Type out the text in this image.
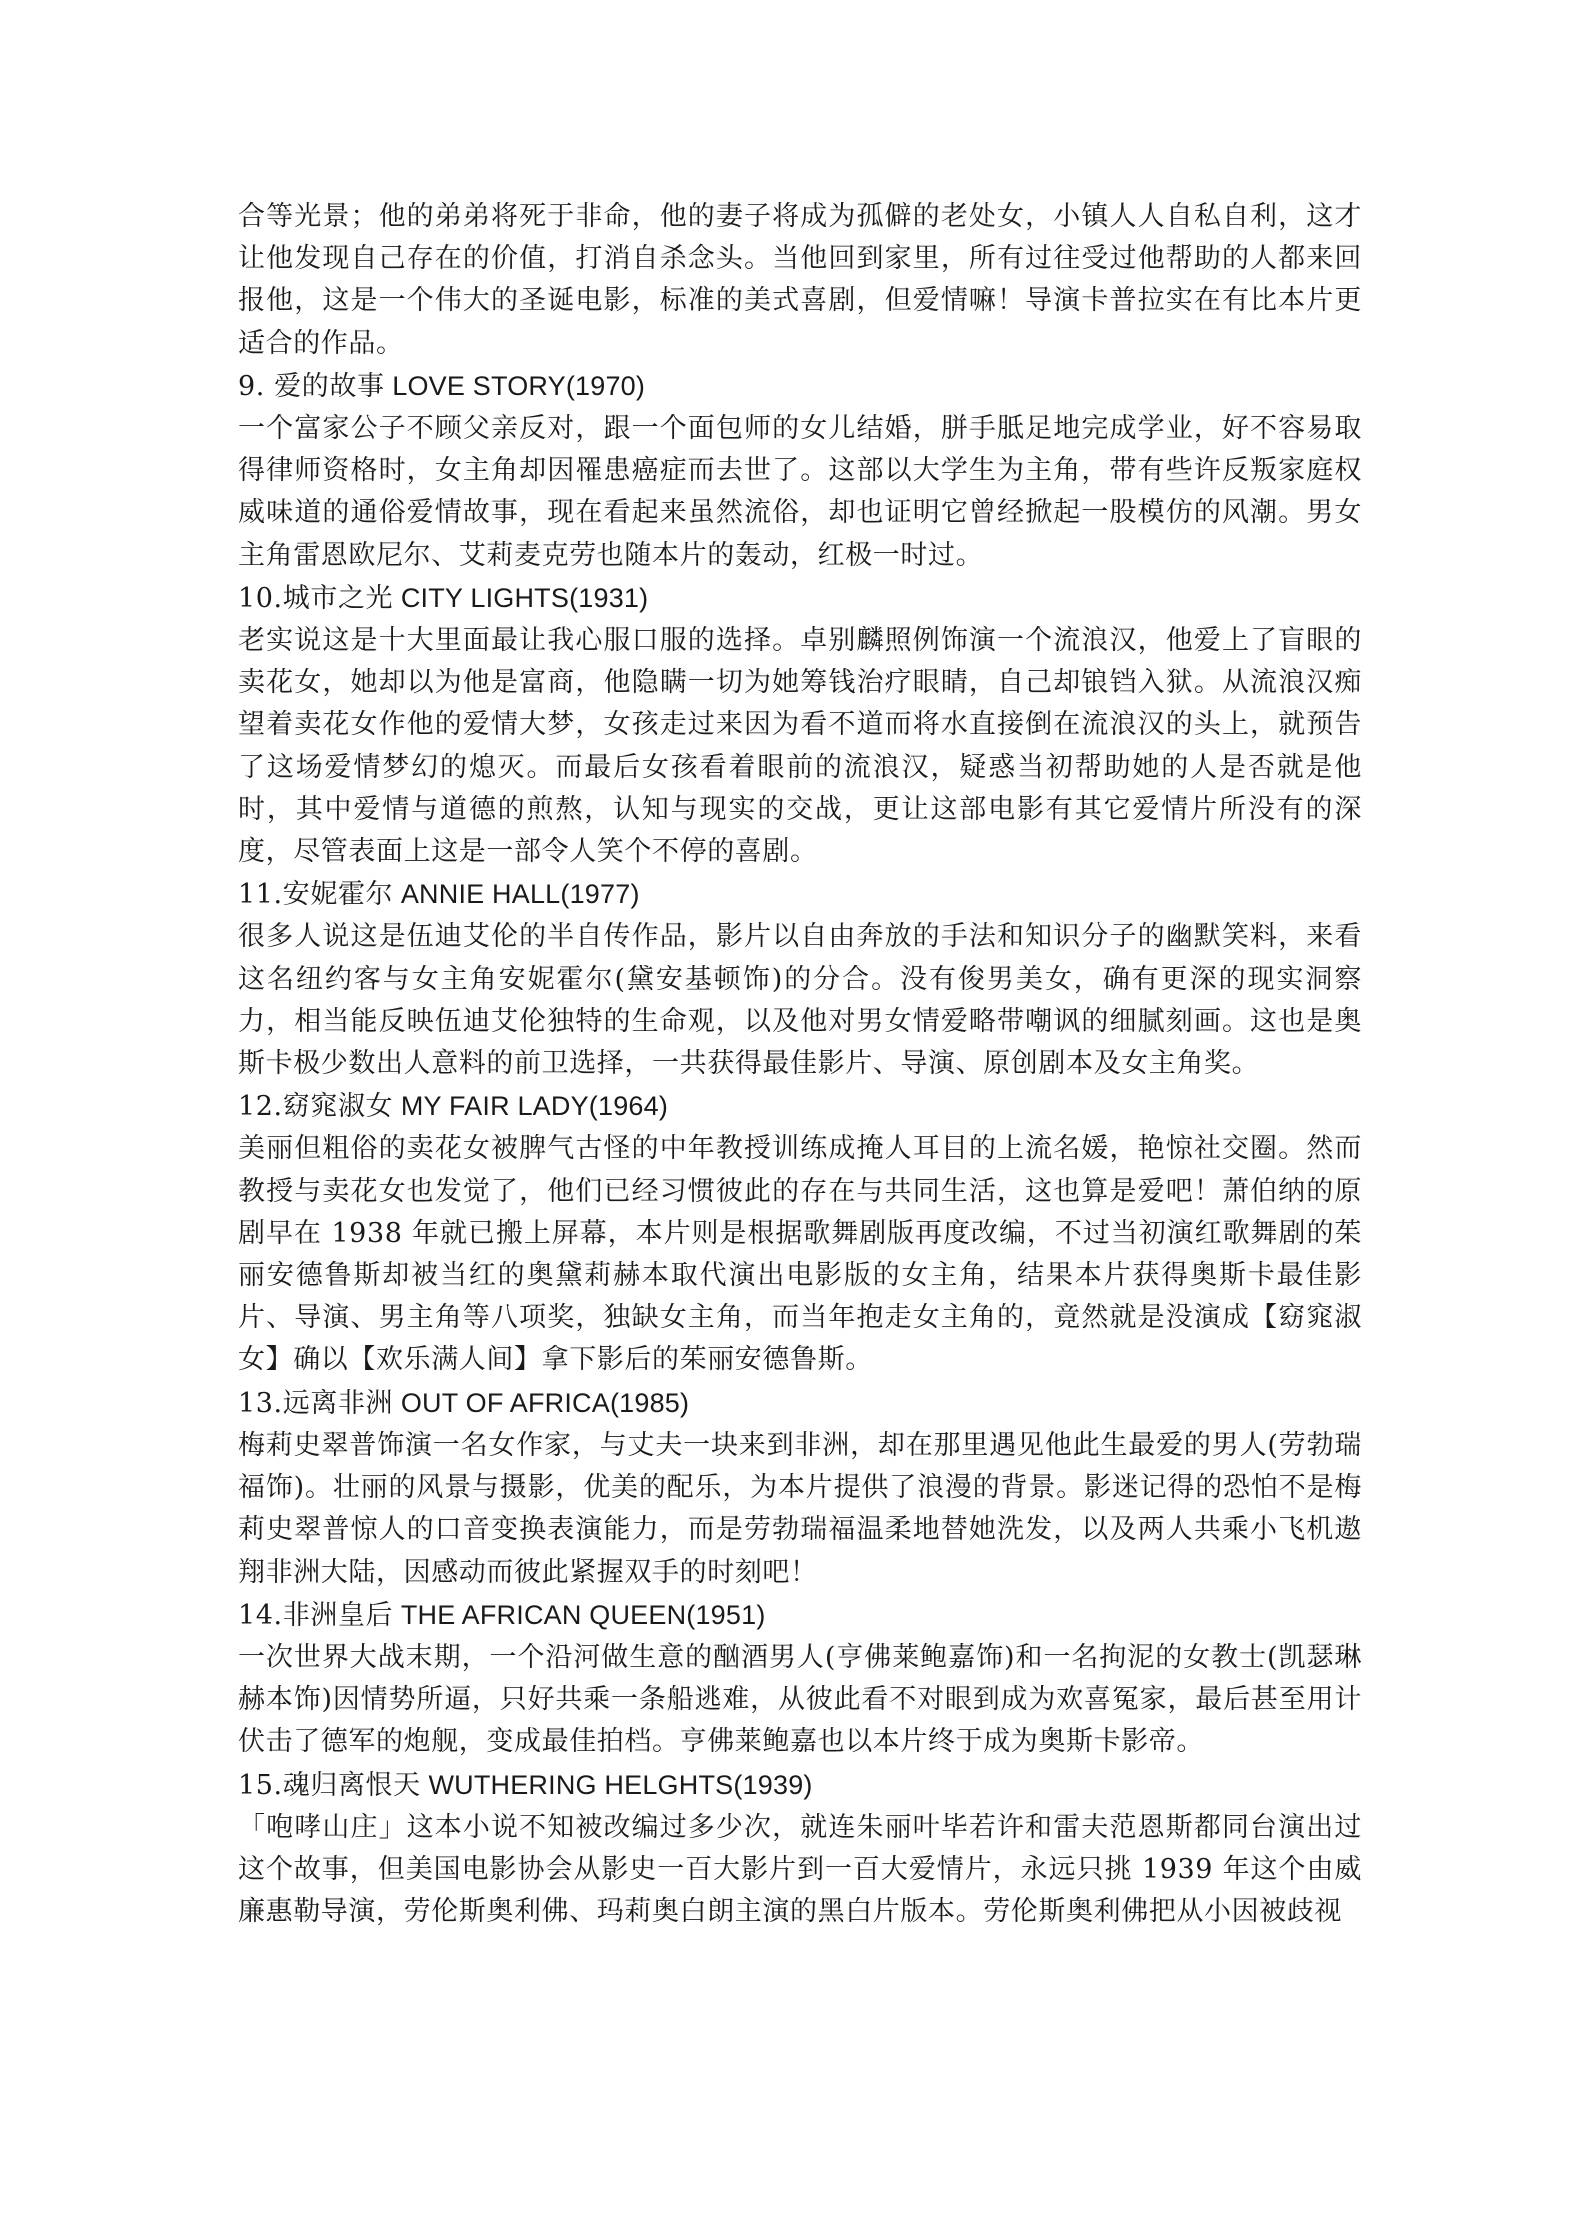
合等光景；他的弟弟将死于非命，他的妻子将成为孤僻的老处女，小镇人人自私自利，这才让他发现自己存在的价值，打消自杀念头。当他回到家里，所有过往受过他帮助的人都来回报他，这是一个伟大的圣诞电影，标准的美式喜剧，但爱情嘛！导演卡普拉实在有比本片更适合的作品。

9. 爱的故事 LOVE STORY(1970)

一个富家公子不顾父亲反对，跟一个面包师的女儿结婚，胼手胝足地完成学业，好不容易取得律师资格时，女主角却因罹患癌症而去世了。这部以大学生为主角，带有些许反叛家庭权威味道的通俗爱情故事，现在看起来虽然流俗，却也证明它曾经掀起一股模仿的风潮。男女主角雷恩欧尼尔、艾莉麦克劳也随本片的轰动，红极一时过。

10.城市之光 CITY LIGHTS(1931)

老实说这是十大里面最让我心服口服的选择。卓别麟照例饰演一个流浪汉，他爱上了盲眼的卖花女，她却以为他是富商，他隐瞒一切为她筹钱治疗眼睛，自己却锒铛入狱。从流浪汉痴望着卖花女作他的爱情大梦，女孩走过来因为看不道而将水直接倒在流浪汉的头上，就预告了这场爱情梦幻的熄灭。而最后女孩看着眼前的流浪汉，疑惑当初帮助她的人是否就是他时，其中爱情与道德的煎熬，认知与现实的交战，更让这部电影有其它爱情片所没有的深度，尽管表面上这是一部令人笑个不停的喜剧。

11.安妮霍尔 ANNIE HALL(1977)

很多人说这是伍迪艾伦的半自传作品，影片以自由奔放的手法和知识分子的幽默笑料，来看这名纽约客与女主角安妮霍尔(黛安基顿饰)的分合。没有俊男美女，确有更深的现实洞察力，相当能反映伍迪艾伦独特的生命观，以及他对男女情爱略带嘲讽的细腻刻画。这也是奥斯卡极少数出人意料的前卫选择，一共获得最佳影片、导演、原创剧本及女主角奖。

12.窈窕淑女 MY FAIR LADY(1964)

美丽但粗俗的卖花女被脾气古怪的中年教授训练成掩人耳目的上流名媛，艳惊社交圈。然而教授与卖花女也发觉了，他们已经习惯彼此的存在与共同生活，这也算是爱吧！萧伯纳的原剧早在 1938 年就已搬上屏幕，本片则是根据歌舞剧版再度改编，不过当初演红歌舞剧的茱丽安德鲁斯却被当红的奥黛莉赫本取代演出电影版的女主角，结果本片获得奥斯卡最佳影片、导演、男主角等八项奖，独缺女主角，而当年抱走女主角的，竟然就是没演成【窈窕淑女】确以【欢乐满人间】拿下影后的茱丽安德鲁斯。

13.远离非洲 OUT OF AFRICA(1985)

梅莉史翠普饰演一名女作家，与丈夫一块来到非洲，却在那里遇见他此生最爱的男人(劳勃瑞福饰)。壮丽的风景与摄影，优美的配乐，为本片提供了浪漫的背景。影迷记得的恐怕不是梅莉史翠普惊人的口音变换表演能力，而是劳勃瑞福温柔地替她洗发，以及两人共乘小飞机遨翔非洲大陆，因感动而彼此紧握双手的时刻吧！

14.非洲皇后 THE AFRICAN QUEEN(1951)

一次世界大战末期，一个沿河做生意的酗酒男人(亨佛莱鲍嘉饰)和一名拘泥的女教士(凯瑟琳赫本饰)因情势所逼，只好共乘一条船逃难，从彼此看不对眼到成为欢喜冤家，最后甚至用计伏击了德军的炮舰，变成最佳拍档。亨佛莱鲍嘉也以本片终于成为奥斯卡影帝。

15.魂归离恨天 WUTHERING HELGHTS(1939)

「咆哮山庄」这本小说不知被改编过多少次，就连朱丽叶毕若许和雷夫范恩斯都同台演出过这个故事，但美国电影协会从影史一百大影片到一百大爱情片，永远只挑 1939 年这个由威廉惠勒导演，劳伦斯奥利佛、玛莉奥白朗主演的黑白片版本。劳伦斯奥利佛把从小因被歧视
